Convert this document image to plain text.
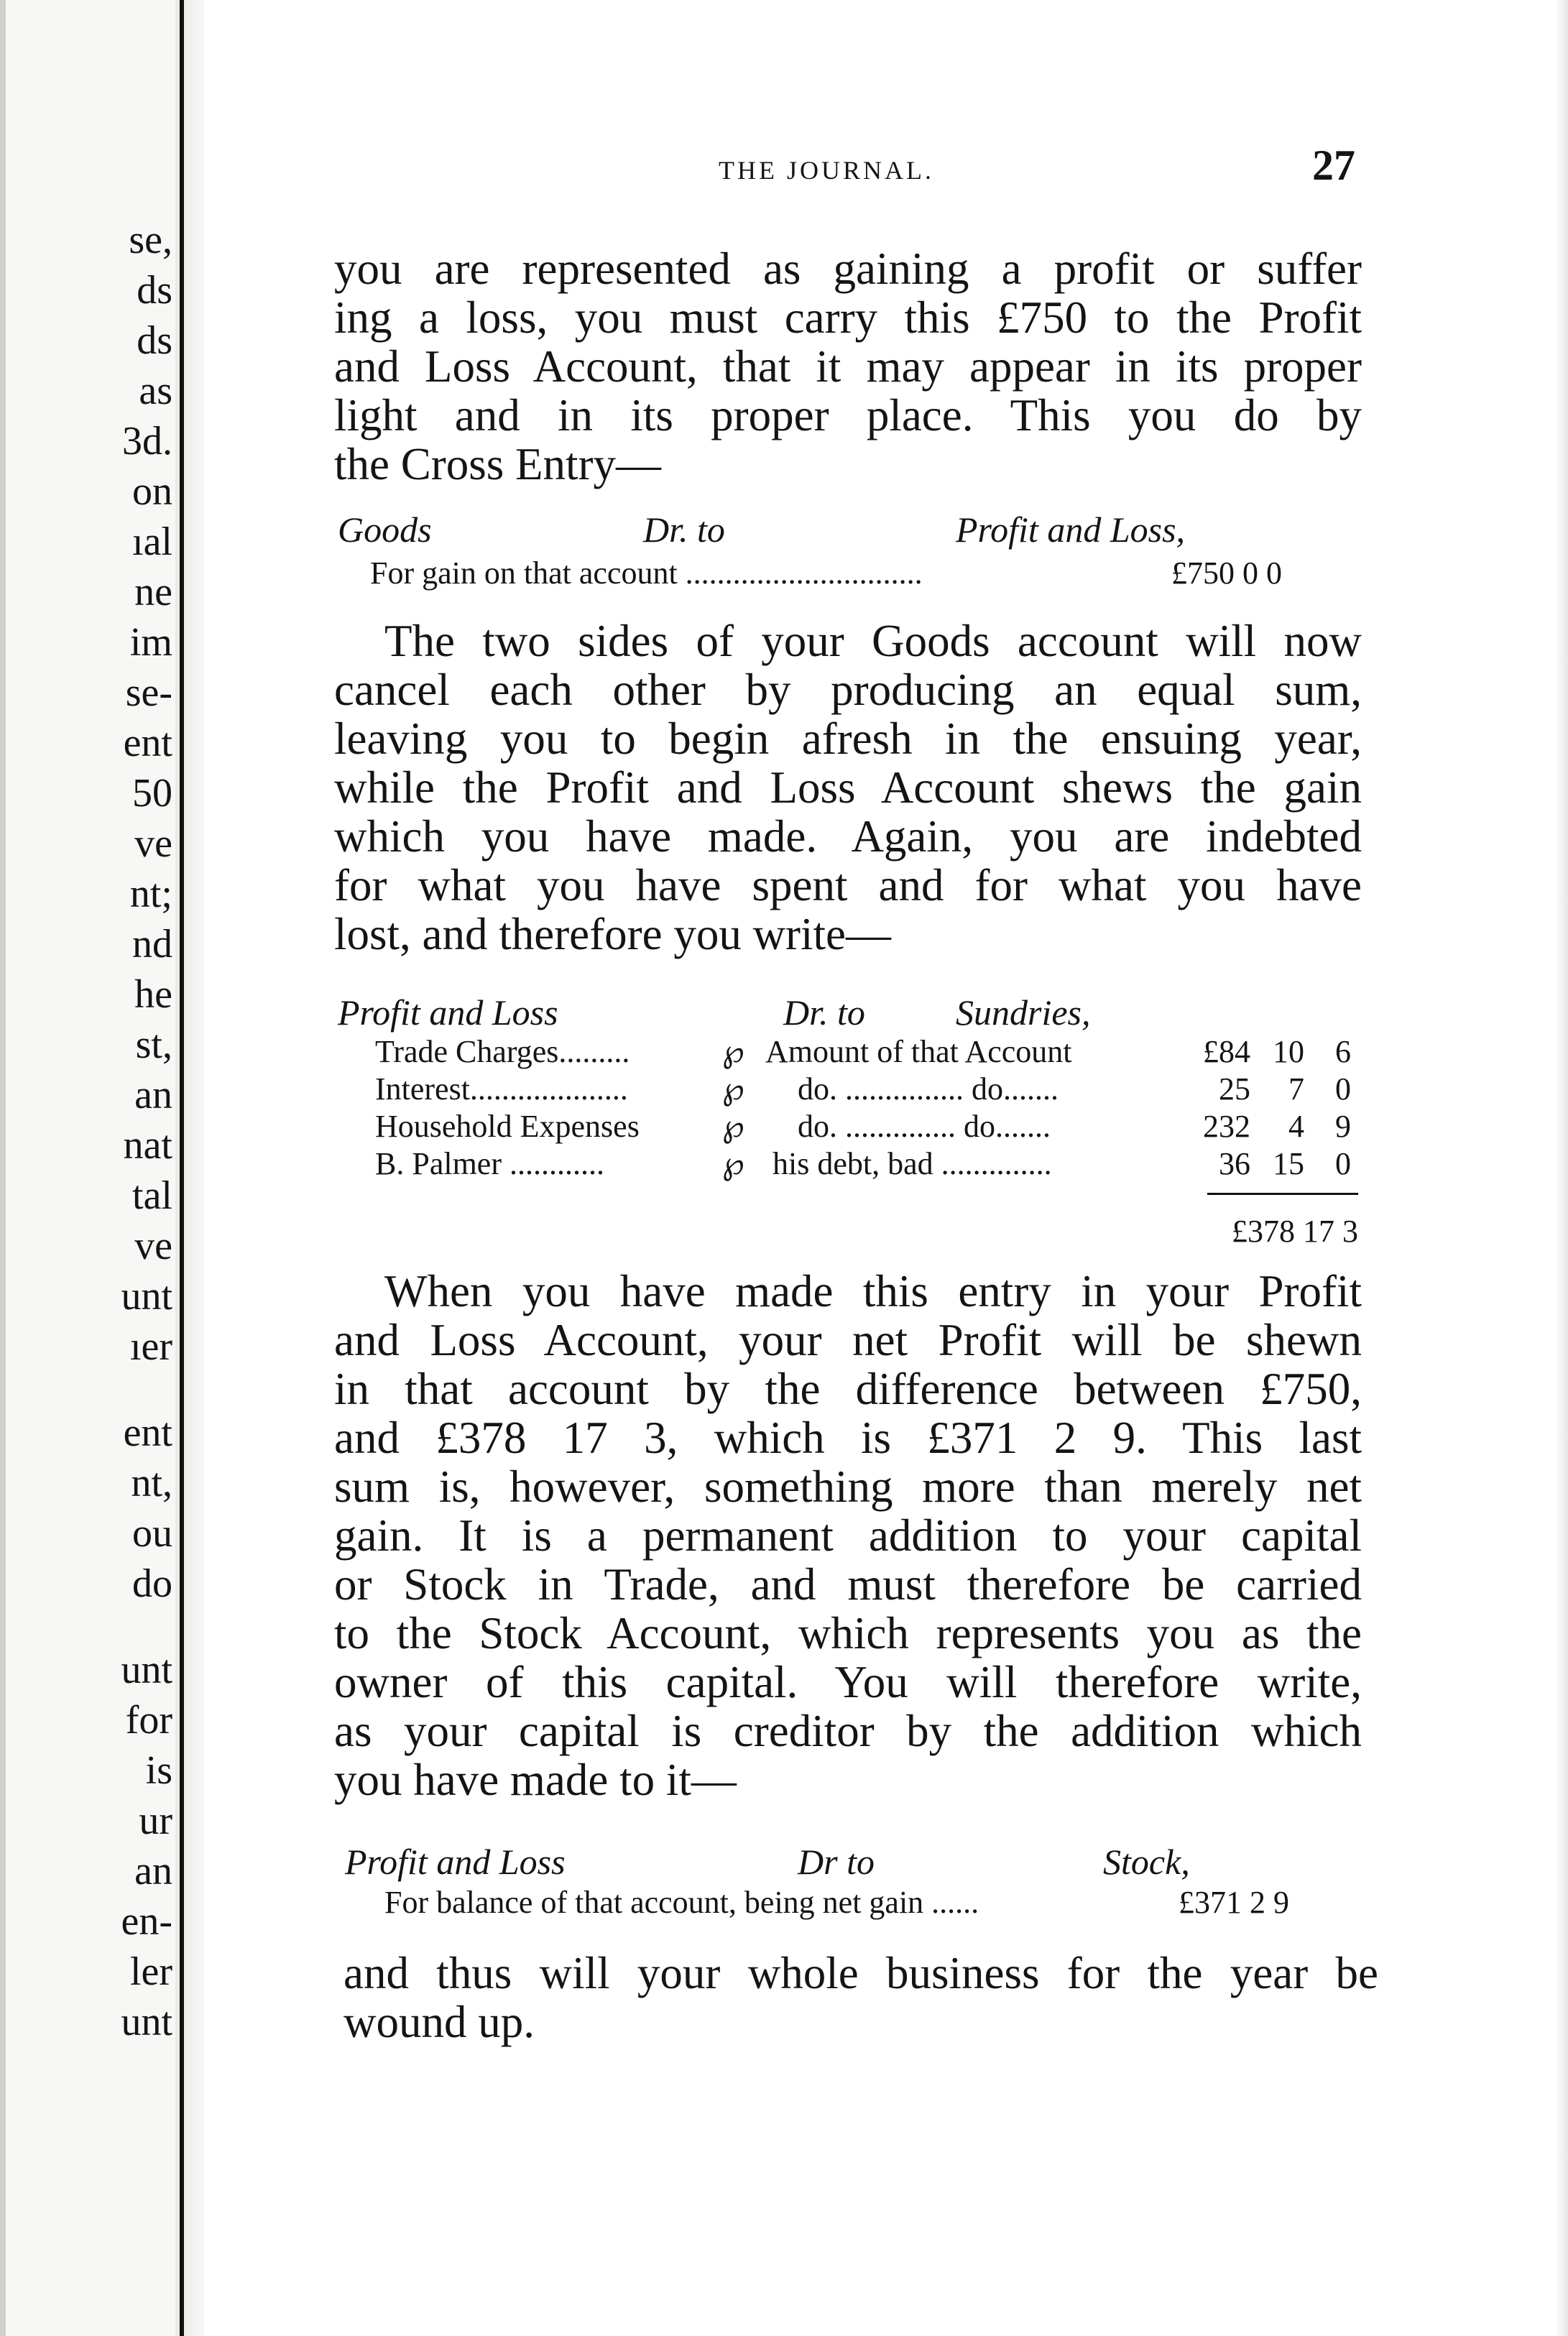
se,
ds
ds
as
3d.
on
ıal
ne
im
se-
ent
50
ve
nt;
nd
he
st,
an
nat
tal
ve
unt
ıer
ent
nt,
ou
do
unt
for
is
ur
an
en-
ler
unt
THE JOURNAL.	27
you are represented as gaining a profit or suffer
ing a loss, you must carry this £750 to the Profit
and Loss Account, that it may appear in its proper
light and in its proper place. This you do by
the Cross Entry—
Goods	Dr. to	Profit and Loss,
For gain on that account ..............................	£750 0 0
The two sides of your Goods account will now
cancel each other by producing an equal sum,
leaving you to begin afresh in the ensuing year,
while the Profit and Loss Account shews the gain
which you have made. Again, you are indebted
for what you have spent and for what you have
lost, and therefore you write—
Profit and Loss	Dr. to	Sundries,
Trade Charges.........	℘ Amount of that Account	£84 10 6
Interest....................	℘ do. ............... do.......	25	7 0
Household Expenses	℘ do. .............. do.......	232	4 9
B. Palmer ............	℘ his debt, bad ..............	36 15 0
£378 17 3
When you have made this entry in your Profit
and Loss Account, your net Profit will be shewn
in that account by the difference between £750,
and £378 17 3, which is £371 2 9. This last
sum is, however, something more than merely net
gain. It is a permanent addition to your capital
or Stock in Trade, and must therefore be carried
to the Stock Account, which represents you as the
owner of this capital. You will therefore write,
as your capital is creditor by the addition which
you have made to it—
Profit and Loss	Dr to	Stock,
For balance of that account, being net gain ......	£371 2 9
and thus will your whole business for the year be
wound up.
